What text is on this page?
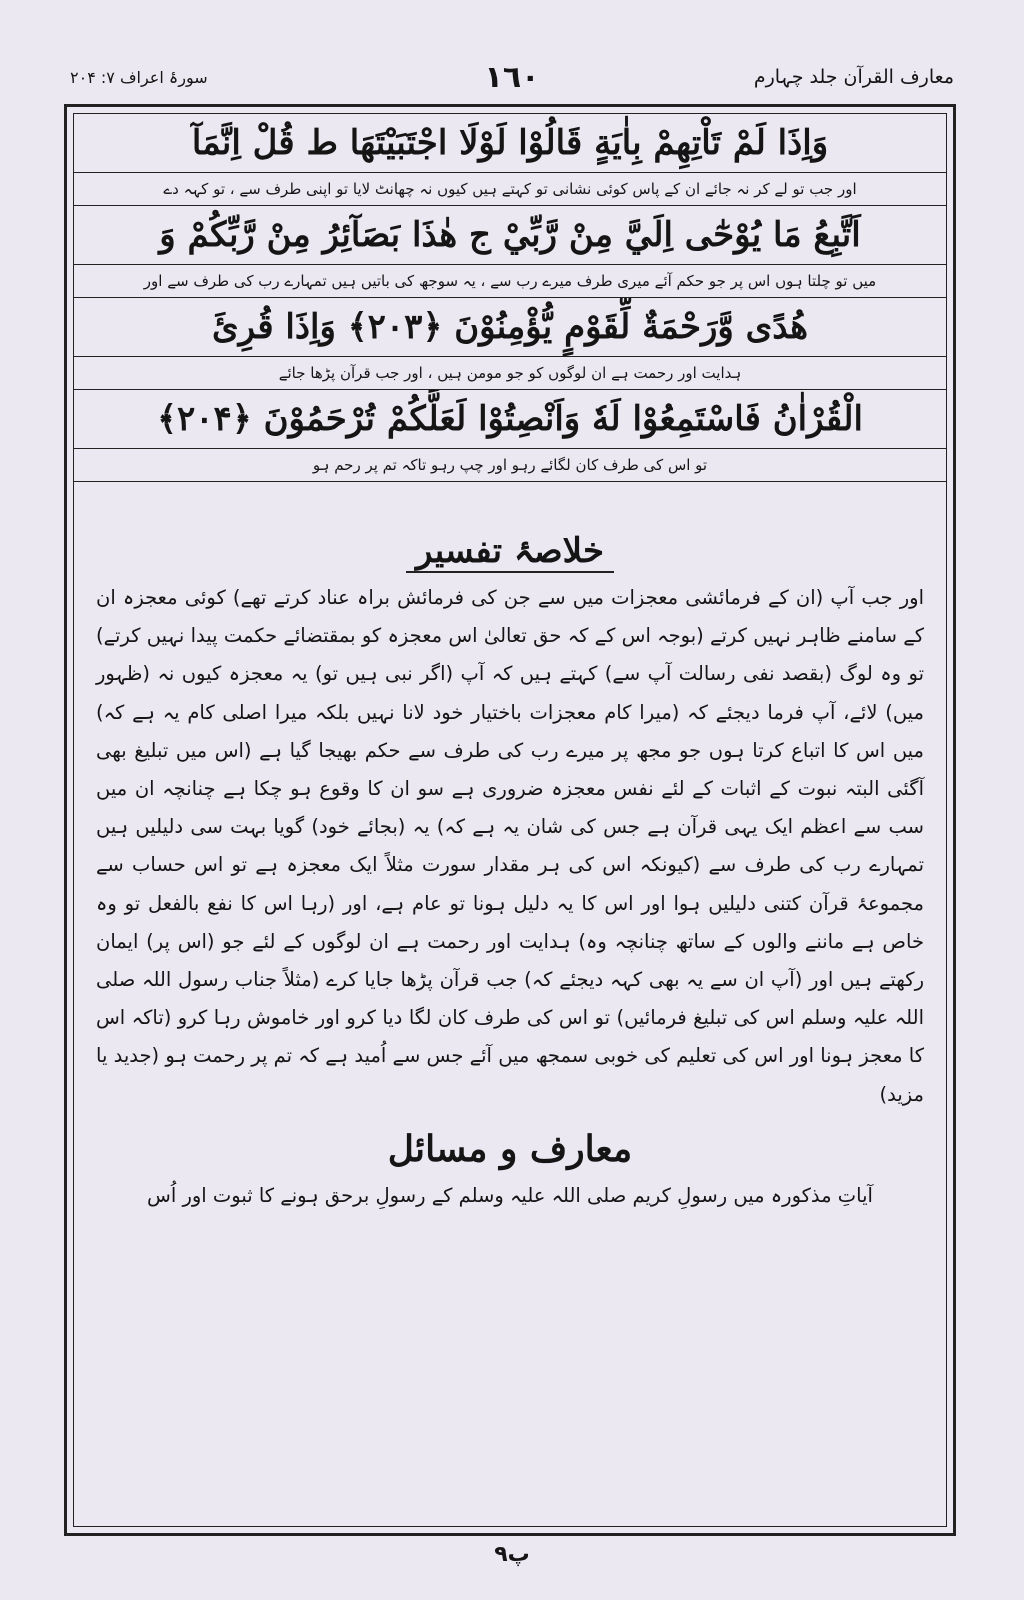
معارف القرآن جلد چہارم
١٦٠
سورۂ اعراف ۷: ۲۰۴
وَاِذَا لَمْ تَاْتِهِمْ بِاٰيَةٍ قَالُوْا لَوْلَا اجْتَبَيْتَهَا ط قُلْ اِنَّمَآ
اور جب تو لے کر نہ جائے ان کے پاس کوئی نشانی تو کہتے ہیں کیوں نہ چھانٹ لایا تو اپنی طرف سے ، تو کہہ دے
اَتَّبِعُ مَا يُوْحٰٓى اِلَيَّ مِنْ رَّبِّيْ ج هٰذَا بَصَآئِرُ مِنْ رَّبِّكُمْ وَ
میں تو چلتا ہوں اس پر جو حکم آئے میری طرف میرے رب سے ، یہ سوجھ کی باتیں ہیں تمہارے رب کی طرف سے اور
هُدًى وَّرَحْمَةٌ لِّقَوْمٍ يُّؤْمِنُوْنَ ﴿۲۰۳﴾ وَاِذَا قُرِئَ
ہدایت اور رحمت ہے ان لوگوں کو جو مومن ہیں ، اور جب قرآن پڑھا جائے
الْقُرْاٰنُ فَاسْتَمِعُوْا لَهٗ وَاَنْصِتُوْا لَعَلَّكُمْ تُرْحَمُوْنَ ﴿۲۰۴﴾
تو اس کی طرف کان لگائے رہو اور چپ رہو تاکہ تم پر رحم ہو
خلاصۂ تفسیر

اور جب آپ (ان کے فرمائشی معجزات میں سے جن کی فرمائش براہ عناد کرتے تھے) کوئی معجزہ ان کے سامنے ظاہر نہیں کرتے (بوجہ اس کے کہ حق تعالیٰ اس معجزہ کو بمقتضائے حکمت پیدا نہیں کرتے) تو وہ لوگ (بقصد نفی رسالت آپ سے) کہتے ہیں کہ آپ (اگر نبی ہیں تو) یہ معجزہ کیوں نہ (ظہور میں) لائے، آپ فرما دیجئے کہ (میرا کام معجزات باختیار خود لانا نہیں بلکہ میرا اصلی کام یہ ہے کہ) میں اس کا اتباع کرتا ہوں جو مجھ پر میرے رب کی طرف سے حکم بھیجا گیا ہے (اس میں تبلیغ بھی آگئی البتہ نبوت کے اثبات کے لئے نفس معجزہ ضروری ہے سو ان کا وقوع ہو چکا ہے چنانچہ ان میں سب سے اعظم ایک یہی قرآن ہے جس کی شان یہ ہے کہ) یہ (بجائے خود) گویا بہت سی دلیلیں ہیں تمہارے رب کی طرف سے (کیونکہ اس کی ہر مقدار سورت مثلاً ایک معجزہ ہے تو اس حساب سے مجموعۂ قرآن کتنی دلیلیں ہوا اور اس کا یہ دلیل ہونا تو عام ہے، اور (رہا اس کا نفع بالفعل تو وہ خاص ہے ماننے والوں کے ساتھ چنانچہ وہ) ہدایت اور رحمت ہے ان لوگوں کے لئے جو (اس پر) ایمان رکھتے ہیں اور (آپ ان سے یہ بھی کہہ دیجئے کہ) جب قرآن پڑھا جایا کرے (مثلاً جناب رسول اللہ صلی اللہ علیہ وسلم اس کی تبلیغ فرمائیں) تو اس کی طرف کان لگا دیا کرو اور خاموش رہا کرو (تاکہ اس کا معجز ہونا اور اس کی تعلیم کی خوبی سمجھ میں آئے جس سے اُمید ہے کہ تم پر رحمت ہو (جدید یا مزید)

معارف و مسائل
آیاتِ مذکورہ میں رسولِ کریم صلی اللہ علیہ وسلم کے رسولِ برحق ہونے کا ثبوت اور اُس
۹پ
